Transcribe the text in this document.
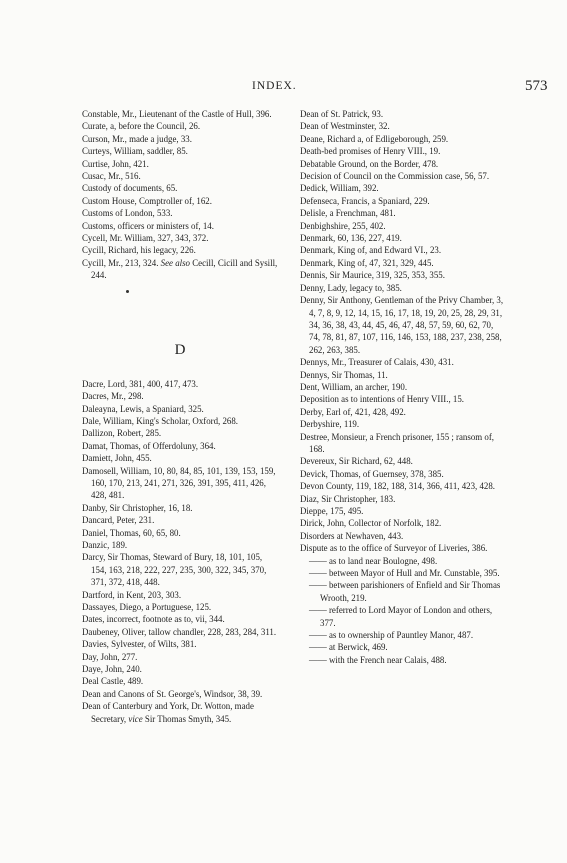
INDEX.	573
Constable, Mr., Lieutenant of the Castle of Hull, 396.
Curate, a, before the Council, 26.
Curson, Mr., made a judge, 33.
Curteys, William, saddler, 85.
Curtise, John, 421.
Cusac, Mr., 516.
Custody of documents, 65.
Custom House, Comptroller of, 162.
Customs of London, 533.
Customs, officers or ministers of, 14.
Cycell, Mr. William, 327, 343, 372.
Cycill, Richard, his legacy, 226.
Cycill, Mr., 213, 324. See also Cecill, Cicill and Sysill, 244.
D
Dacre, Lord, 381, 400, 417, 473.
Dacres, Mr., 298.
Daleayna, Lewis, a Spaniard, 325.
Dale, William, King's Scholar, Oxford, 268.
Dallizon, Robert, 285.
Damat, Thomas, of Offerdoluny, 364.
Damiett, John, 455.
Damosell, William, 10, 80, 84, 85, 101, 139, 153, 159, 160, 170, 213, 241, 271, 326, 391, 395, 411, 426, 428, 481.
Danby, Sir Christopher, 16, 18.
Dancard, Peter, 231.
Daniel, Thomas, 60, 65, 80.
Danzic, 189.
Darcy, Sir Thomas, Steward of Bury, 18, 101, 105, 154, 163, 218, 222, 227, 235, 300, 322, 345, 370, 371, 372, 418, 448.
Dartford, in Kent, 203, 303.
Dassayes, Diego, a Portuguese, 125.
Dates, incorrect, footnote as to, vii, 344.
Daubeney, Oliver, tallow chandler, 228, 283, 284, 311.
Davies, Sylvester, of Wilts, 381.
Day, John, 277.
Daye, John, 240.
Deal Castle, 489.
Dean and Canons of St. George's, Windsor, 38, 39.
Dean of Canterbury and York, Dr. Wotton, made Secretary, vice Sir Thomas Smyth, 345.
Dean of St. Patrick, 93.
Dean of Westminster, 32.
Deane, Richard a, of Edligeborough, 259.
Death-bed promises of Henry VIII., 19.
Debatable Ground, on the Border, 478.
Decision of Council on the Commission case, 56, 57.
Dedick, William, 392.
Defenseca, Francis, a Spaniard, 229.
Delisle, a Frenchman, 481.
Denbighshire, 255, 402.
Denmark, 60, 136, 227, 419.
Denmark, King of, and Edward VI., 23.
Denmark, King of, 47, 321, 329, 445.
Dennis, Sir Maurice, 319, 325, 353, 355.
Denny, Lady, legacy to, 385.
Denny, Sir Anthony, Gentleman of the Privy Chamber, 3, 4, 7, 8, 9, 12, 14, 15, 16, 17, 18, 19, 20, 25, 28, 29, 31, 34, 36, 38, 43, 44, 45, 46, 47, 48, 57, 59, 60, 62, 70, 74, 78, 81, 87, 107, 116, 146, 153, 188, 237, 238, 258, 262, 263, 385.
Dennys, Mr., Treasurer of Calais, 430, 431.
Dennys, Sir Thomas, 11.
Dent, William, an archer, 190.
Deposition as to intentions of Henry VIII., 15.
Derby, Earl of, 421, 428, 492.
Derbyshire, 119.
Destree, Monsieur, a French prisoner, 155 ; ransom of, 168.
Devereux, Sir Richard, 62, 448.
Devick, Thomas, of Guernsey, 378, 385.
Devon County, 119, 182, 188, 314, 366, 411, 423, 428.
Diaz, Sir Christopher, 183.
Dieppe, 175, 495.
Dirick, John, Collector of Norfolk, 182.
Disorders at Newhaven, 443.
Dispute as to the office of Surveyor of Liveries, 386.
—— as to land near Boulogne, 498.
—— between Mayor of Hull and Mr. Cunstable, 395.
—— between parishioners of Enfield and Sir Thomas Wrooth, 219.
—— referred to Lord Mayor of London and others, 377.
—— as to ownership of Pauntley Manor, 487.
—— at Berwick, 469.
—— with the French near Calais, 488.
